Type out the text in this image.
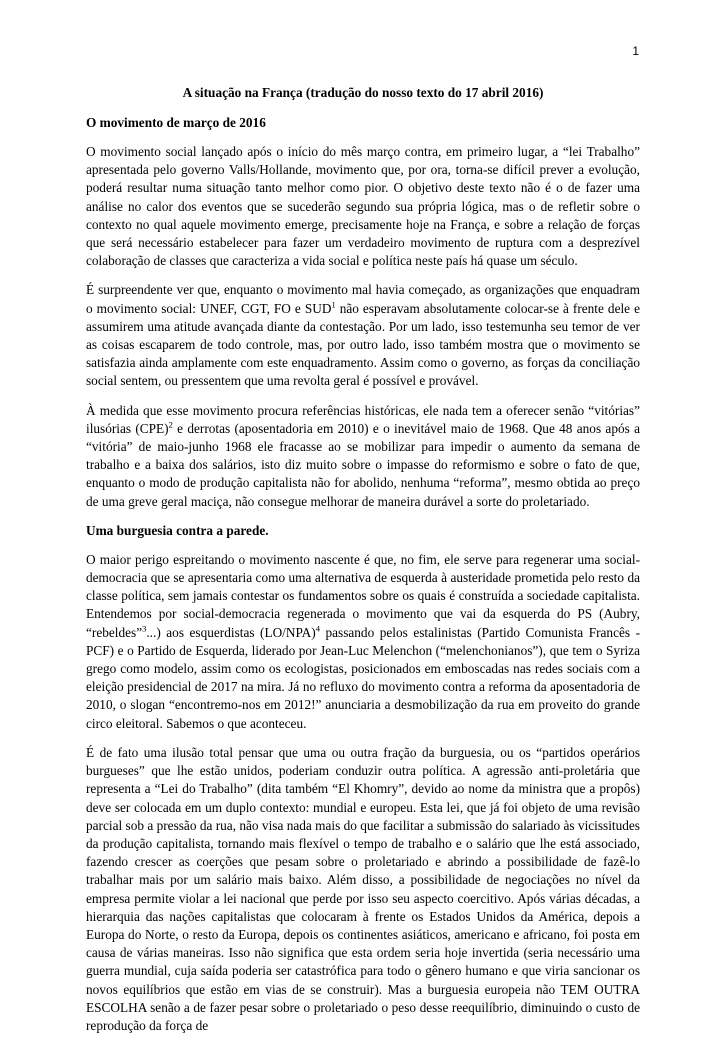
1
A situação na França (tradução do nosso texto do 17 abril 2016)
O movimento de março de 2016

O movimento social lançado após o início do mês março contra, em primeiro lugar, a “lei Trabalho” apresentada pelo governo Valls/Hollande, movimento que, por ora, torna-se difícil prever a evolução, poderá resultar numa situação tanto melhor como pior. O objetivo deste texto não é o de fazer uma análise no calor dos eventos que se sucederão segundo sua própria lógica, mas o de refletir sobre o contexto no qual aquele movimento emerge, precisamente hoje na França, e sobre a relação de forças que será necessário estabelecer para fazer um verdadeiro movimento de ruptura com a desprezível colaboração de classes que caracteriza a vida social e política neste país há quase um século.

É surpreendente ver que, enquanto o movimento mal havia começado, as organizações que enquadram o movimento social: UNEF, CGT, FO e SUD$^1$ não esperavam absolutamente colocar-se à frente dele e assumirem uma atitude avançada diante da contestação. Por um lado, isso testemunha seu temor de ver as coisas escaparem de todo controle, mas, por outro lado, isso também mostra que o movimento se satisfazia ainda amplamente com este enquadramento. Assim como o governo, as forças da conciliação social sentem, ou pressentem que uma revolta geral é possível e provável.

À medida que esse movimento procura referências históricas, ele nada tem a oferecer senão “vitórias” ilusórias (CPE)$^2$ e derrotas (aposentadoria em 2010) e o inevitável maio de 1968. Que 48 anos após a “vitória” de maio-junho 1968 ele fracasse ao se mobilizar para impedir o aumento da semana de trabalho e a baixa dos salários, isto diz muito sobre o impasse do reformismo e sobre o fato de que, enquanto o modo de produção capitalista não for abolido, nenhuma “reforma”, mesmo obtida ao preço de uma greve geral maciça, não consegue melhorar de maneira durável a sorte do proletariado.

Uma burguesia contra a parede.

O maior perigo espreitando o movimento nascente é que, no fim, ele serve para regenerar uma social-democracia que se apresentaria como uma alternativa de esquerda à austeridade prometida pelo resto da classe política, sem jamais contestar os fundamentos sobre os quais é construída a sociedade capitalista. Entendemos por social-democracia regenerada o movimento que vai da esquerda do PS (Aubry, “rebeldes”$^3$...) aos esquerdistas $(LO/NPA)^4$ passando pelos estalinistas (Partido Comunista Francês - PCF) e o Partido de Esquerda, liderado por Jean-Luc Melenchon (“melenchonianos”), que tem o Syriza grego como modelo, assim como os ecologistas, posicionados em emboscadas nas redes sociais com a eleição presidencial de 2017 na mira. Já no refluxo do movimento contra a reforma da aposentadoria de 2010, o slogan “encontremo-nos em 2012!” anunciaria a desmobilização da rua em proveito do grande circo eleitoral. Sabemos o que aconteceu.

É de fato uma ilusão total pensar que uma ou outra fração da burguesia, ou os “partidos operários burgueses” que lhe estão unidos, poderiam conduzir outra política. A agressão anti-proletária que representa a “Lei do Trabalho” (dita também “El Khomry”, devido ao nome da ministra que a propôs) deve ser colocada em um duplo contexto: mundial e europeu. Esta lei, que já foi objeto de uma revisão parcial sob a pressão da rua, não visa nada mais do que facilitar a submissão do salariado às vicissitudes da produção capitalista, tornando mais flexível o tempo de trabalho e o salário que lhe está associado, fazendo crescer as coerções que pesam sobre o proletariado e abrindo a possibilidade de fazê-lo trabalhar mais por um salário mais baixo. Além disso, a possibilidade de negociações no nível da empresa permite violar a lei nacional que perde por isso seu aspecto coercitivo. Após várias décadas, a hierarquia das nações capitalistas que colocaram à frente os Estados Unidos da América, depois a Europa do Norte, o resto da Europa, depois os continentes asiáticos, americano e africano, foi posta em causa de várias maneiras. Isso não significa que esta ordem seria hoje invertida (seria necessário uma guerra mundial, cuja saída poderia ser catastrófica para todo o gênero humano e que viria sancionar os novos equilíbrios que estão em vias de se construir). Mas a burguesia europeia não TEM OUTRA ESCOLHA senão a de fazer pesar sobre o proletariado o peso desse reequilíbrio, diminuindo o custo de reprodução da força de
